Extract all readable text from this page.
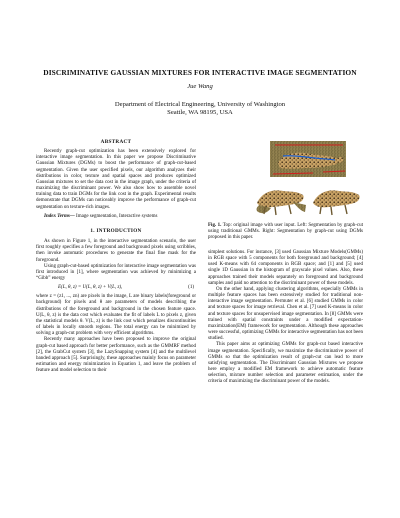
DISCRIMINATIVE GAUSSIAN MIXTURES FOR INTERACTIVE IMAGE SEGMENTATION
Jue Wang
Department of Electrical Engineering, University of Washington
Seattle, WA 98195, USA
ABSTRACT

Recently graph-cut optimization has been extensively explored for interactive image segmentation. In this paper we propose Discriminative Gaussian Mixtures (DGMs) to boost the performance of graph-cut-based segmentation. Given the user specified pixels, our algorithm analyzes their distributions in color, texture and spatial spaces and produces optimized Gaussian mixtures to set the data cost in the image graph, under the criteria of maximizing the discriminant power. We also show how to assemble novel training data to train DGMs for the link cost in the graph. Experimental results demonstrate that DGMs can noticeably improve the performance of graph-cut segmentation on texture-rich images.

Index Terms— Image segmentation, Interactive systems

1. INTRODUCTION

As shown in Figure 1, in the interactive segmentation scenario, the user first roughly specifies a few foreground and background pixels using scribbles, then invoke automatic procedures to generate the final fine mask for the foreground.

Using graph-cut-based optimization for interactive image segmentation was first introduced in [1], where segmentation was achieved by minimizing a “Gibb” energy

E(L, θ, z) = U(L, θ, z) + V(L, z),	(1)

where z = (z1, ..., zn) are pixels in the image, L are binary labels(foreground or background) for pixels and θ are parameters of models describing the distributions of the foreground and background in the chosen feature space. U(L, θ, z) is the data cost which evaluates the fit of labels L to pixels z, given the statistical models θ. V(L, z) is the link cost which penalizes discontinuities of labels in locally smooth regions. The total energy can be minimized by solving a graph-cut problem with very efficient algorithms.

Recently many approaches have been proposed to improve the original graph-cut based approach for better performance, such as the GMMRF method [2], the GrabCut system [3], the LazySnapping system [4] and the multilevel banded approach [5]. Surprisingly, these approaches mainly focus on parameter estimation and energy minimization in Equation 1, and leave the problem of feature and model selection to their

Fig. 1. Top: original image with user input. Left: Segmentation by graph-cut using traditional GMMs. Right: Segmentation by graph-cut using DGMs proposed in this paper.

simplest solutions. For instance, [3] used Gaussian Mixture Models(GMMs) in RGB space with 5 components for both foreground and background; [4] used K-means with 64 components in RGB space; and [1] and [5] used single 1D Gaussian in the histogram of grayscale pixel values. Also, these approaches trained their models separately on foreground and background samples and paid no attention to the discriminant power of these models.

On the other hand, applying clustering algorithms, especially GMMs in multiple feature spaces has been extensively studied for traditional non-interactive image segmentation. Permuter et al. [6] studied GMMs in color and texture spaces for image retrieval. Chen et al. [7] used K-means in color and texture spaces for unsupervised image segmentation. In [8] GMMs were trained with spatial constraints under a modified expectation-maximization(EM) framework for segmentation. Although these approaches were successful, optimizing GMMs for interactive segmentation has not been studied.

This paper aims at optimizing GMMs for graph-cut based interactive image segmentation. Specifically, we maximize the discriminative power of GMMs so that the optimization result of graph-cut can lead to more satisfying segmentation. The Discriminant Gaussian Mixtures we propose here employ a modified EM framework to achieve automatic feature selection, mixture number selection and parameter estimation, under the criteria of maximizing the discriminant power of the models.
